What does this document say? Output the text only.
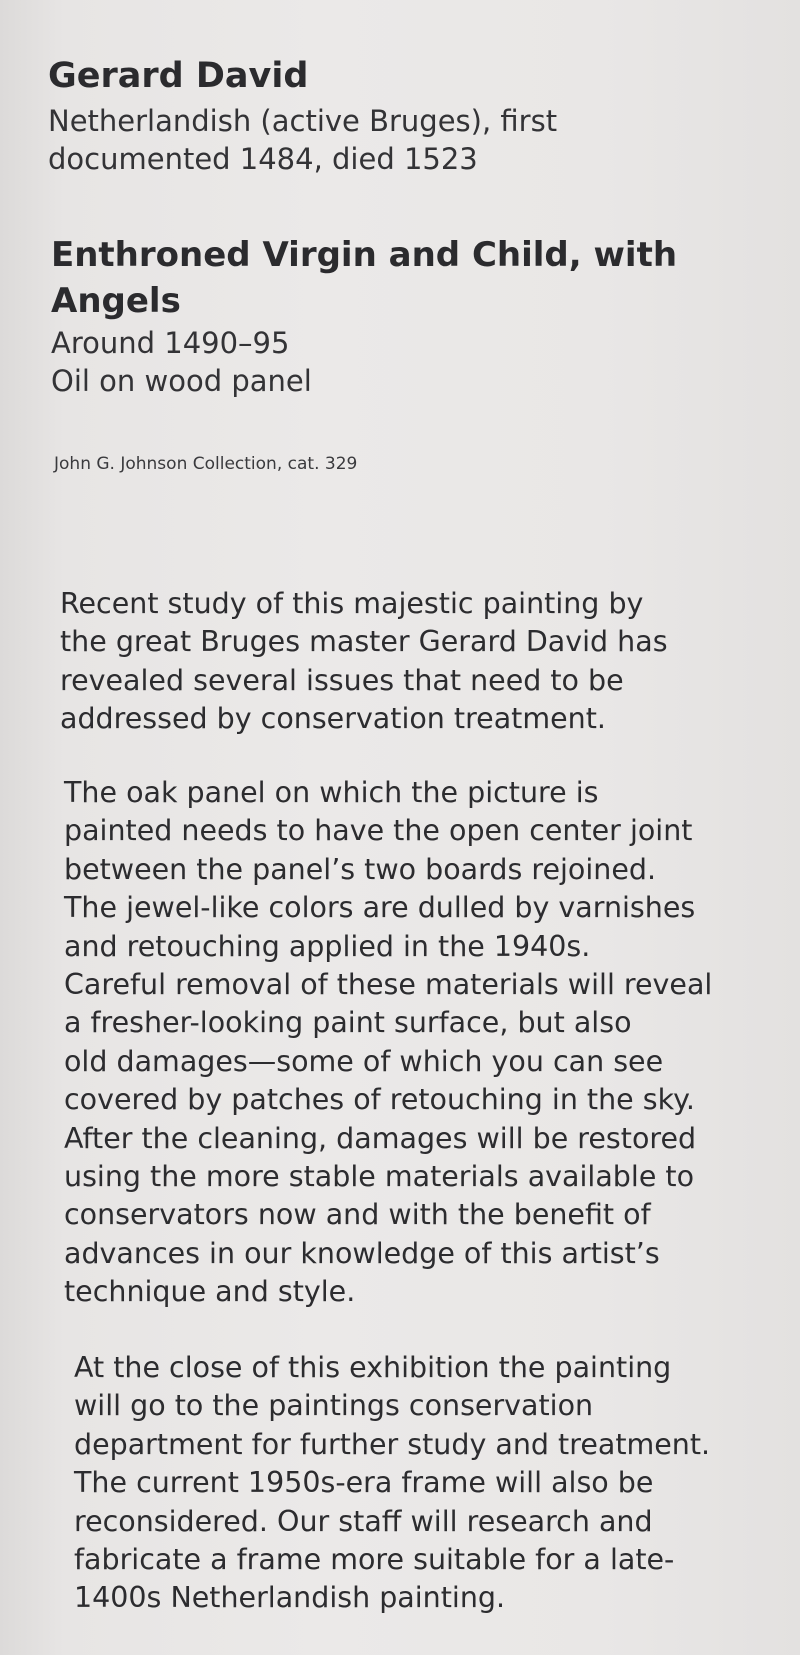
Gerard David

Netherlandish (active Bruges), first
documented 1484, died 1523

Enthroned Virgin and Child, with
Angels

Around 1490–95

Oil on wood panel

John G. Johnson Collection, cat. 329

Recent study of this majestic painting by
the great Bruges master Gerard David has
revealed several issues that need to be
addressed by conservation treatment.

The oak panel on which the picture is
painted needs to have the open center joint
between the panel’s two boards rejoined.
The jewel-like colors are dulled by varnishes
and retouching applied in the 1940s.
Careful removal of these materials will reveal
a fresher-looking paint surface, but also
old damages—some of which you can see
covered by patches of retouching in the sky.
After the cleaning, damages will be restored
using the more stable materials available to
conservators now and with the benefit of
advances in our knowledge of this artist’s
technique and style.

At the close of this exhibition the painting
will go to the paintings conservation
department for further study and treatment.
The current 1950s-era frame will also be
reconsidered. Our staff will research and
fabricate a frame more suitable for a late-
1400s Netherlandish painting.
